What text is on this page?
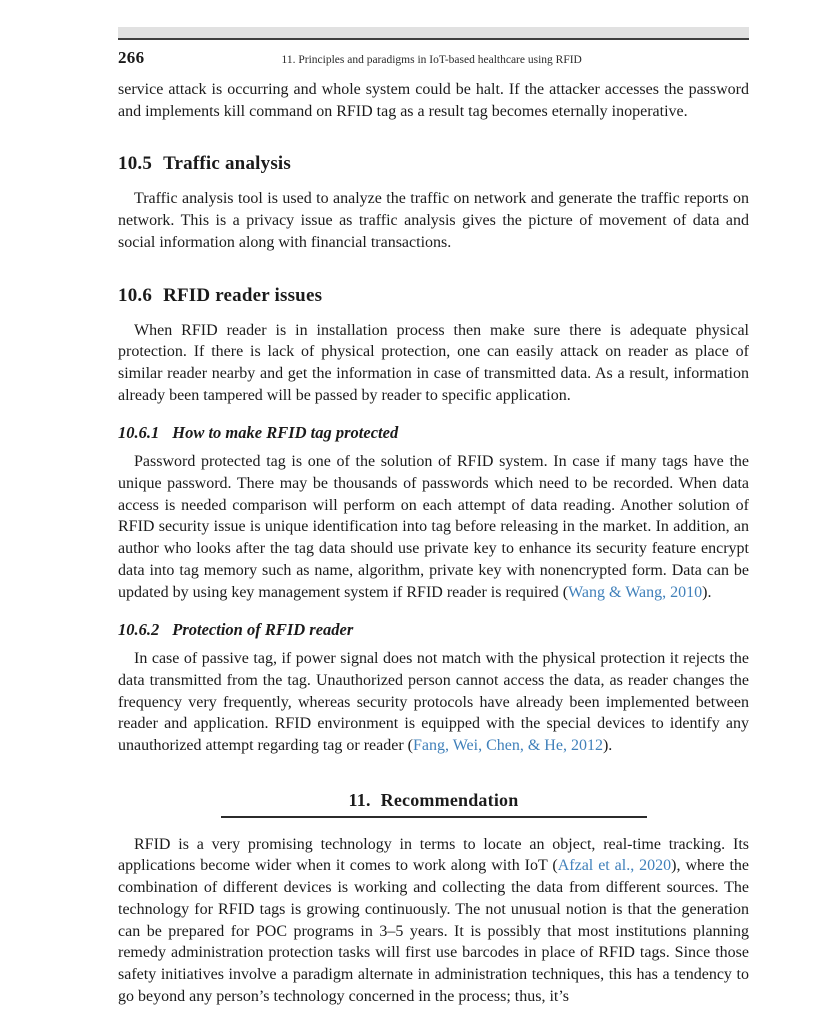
266	11. Principles and paradigms in IoT-based healthcare using RFID

service attack is occurring and whole system could be halt. If the attacker accesses the password and implements kill command on RFID tag as a result tag becomes eternally inoperative.

10.5 Traffic analysis

Traffic analysis tool is used to analyze the traffic on network and generate the traffic reports on network. This is a privacy issue as traffic analysis gives the picture of movement of data and social information along with financial transactions.

10.6 RFID reader issues

When RFID reader is in installation process then make sure there is adequate physical protection. If there is lack of physical protection, one can easily attack on reader as place of similar reader nearby and get the information in case of transmitted data. As a result, information already been tampered will be passed by reader to specific application.

10.6.1 How to make RFID tag protected

Password protected tag is one of the solution of RFID system. In case if many tags have the unique password. There may be thousands of passwords which need to be recorded. When data access is needed comparison will perform on each attempt of data reading. Another solution of RFID security issue is unique identification into tag before releasing in the market. In addition, an author who looks after the tag data should use private key to enhance its security feature encrypt data into tag memory such as name, algorithm, private key with nonencrypted form. Data can be updated by using key management system if RFID reader is required (Wang & Wang, 2010).

10.6.2 Protection of RFID reader

In case of passive tag, if power signal does not match with the physical protection it rejects the data transmitted from the tag. Unauthorized person cannot access the data, as reader changes the frequency very frequently, whereas security protocols have already been implemented between reader and application. RFID environment is equipped with the special devices to identify any unauthorized attempt regarding tag or reader (Fang, Wei, Chen, & He, 2012).

11. Recommendation

RFID is a very promising technology in terms to locate an object, real-time tracking. Its applications become wider when it comes to work along with IoT (Afzal et al., 2020), where the combination of different devices is working and collecting the data from different sources. The technology for RFID tags is growing continuously. The not unusual notion is that the generation can be prepared for POC programs in 3–5 years. It is possibly that most institutions planning remedy administration protection tasks will first use barcodes in place of RFID tags. Since those safety initiatives involve a paradigm alternate in administration techniques, this has a tendency to go beyond any person’s technology concerned in the process; thus, it’s
